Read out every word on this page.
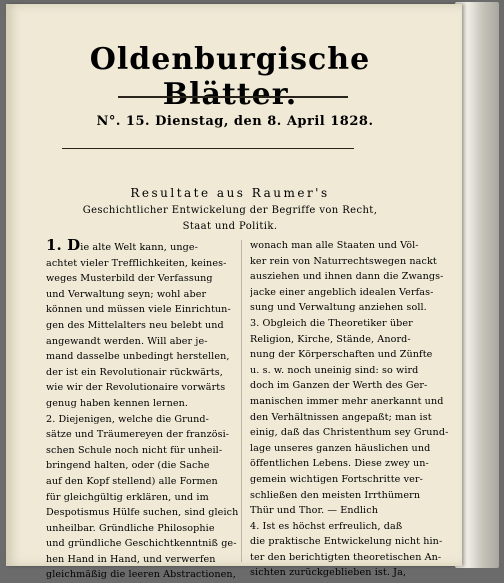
Oldenburgische Blätter.
N°. 15. Dienstag, den 8. April 1828.
Resultate aus Raumer's
Geschichtlicher Entwickelung der Begriffe von Recht,
Staat und Politik.
1. Die alte Welt kann, unge-
achtet vieler Trefflichkeiten, keines-
weges Musterbild der Verfassung
und Verwaltung seyn; wohl aber
können und müssen viele Einrichtun-
gen des Mittelalters neu belebt und
angewandt werden. Will aber je-
mand dasselbe unbedingt herstellen,
der ist ein Revolutionair rückwärts,
wie wir der Revolutionaire vorwärts
genug haben kennen lernen.
2. Diejenigen, welche die Grund-
sätze und Träumereyen der französi-
schen Schule noch nicht für unheil-
bringend halten, oder (die Sache
auf den Kopf stellend) alle Formen
für gleichgültig erklären, und im
Despotismus Hülfe suchen, sind gleich
unheilbar. Gründliche Philosophie
und gründliche Geschichtkenntniß ge-
hen Hand in Hand, und verwerfen
gleichmäßig die leeren Abstractionen,
wonach man alle Staaten und Völ-
ker rein von Naturrechtswegen nackt
ausziehen und ihnen dann die Zwangs-
jacke einer angeblich idealen Verfas-
sung und Verwaltung anziehen soll.
3. Obgleich die Theoretiker über
Religion, Kirche, Stände, Anord-
nung der Körperschaften und Zünfte
u. s. w. noch uneinig sind: so wird
doch im Ganzen der Werth des Ger-
manischen immer mehr anerkannt und
den Verhältnissen angepaßt; man ist
einig, daß das Christenthum sey Grund-
lage unseres ganzen häuslichen und
öffentlichen Lebens. Diese zwey un-
gemein wichtigen Fortschritte ver-
schließen den meisten Irrthümern
Thür und Thor. — Endlich
4. Ist es höchst erfreulich, daß
die praktische Entwickelung nicht hin-
ter den berichtigten theoretischen An-
sichten zurückgeblieben ist. Ja,
